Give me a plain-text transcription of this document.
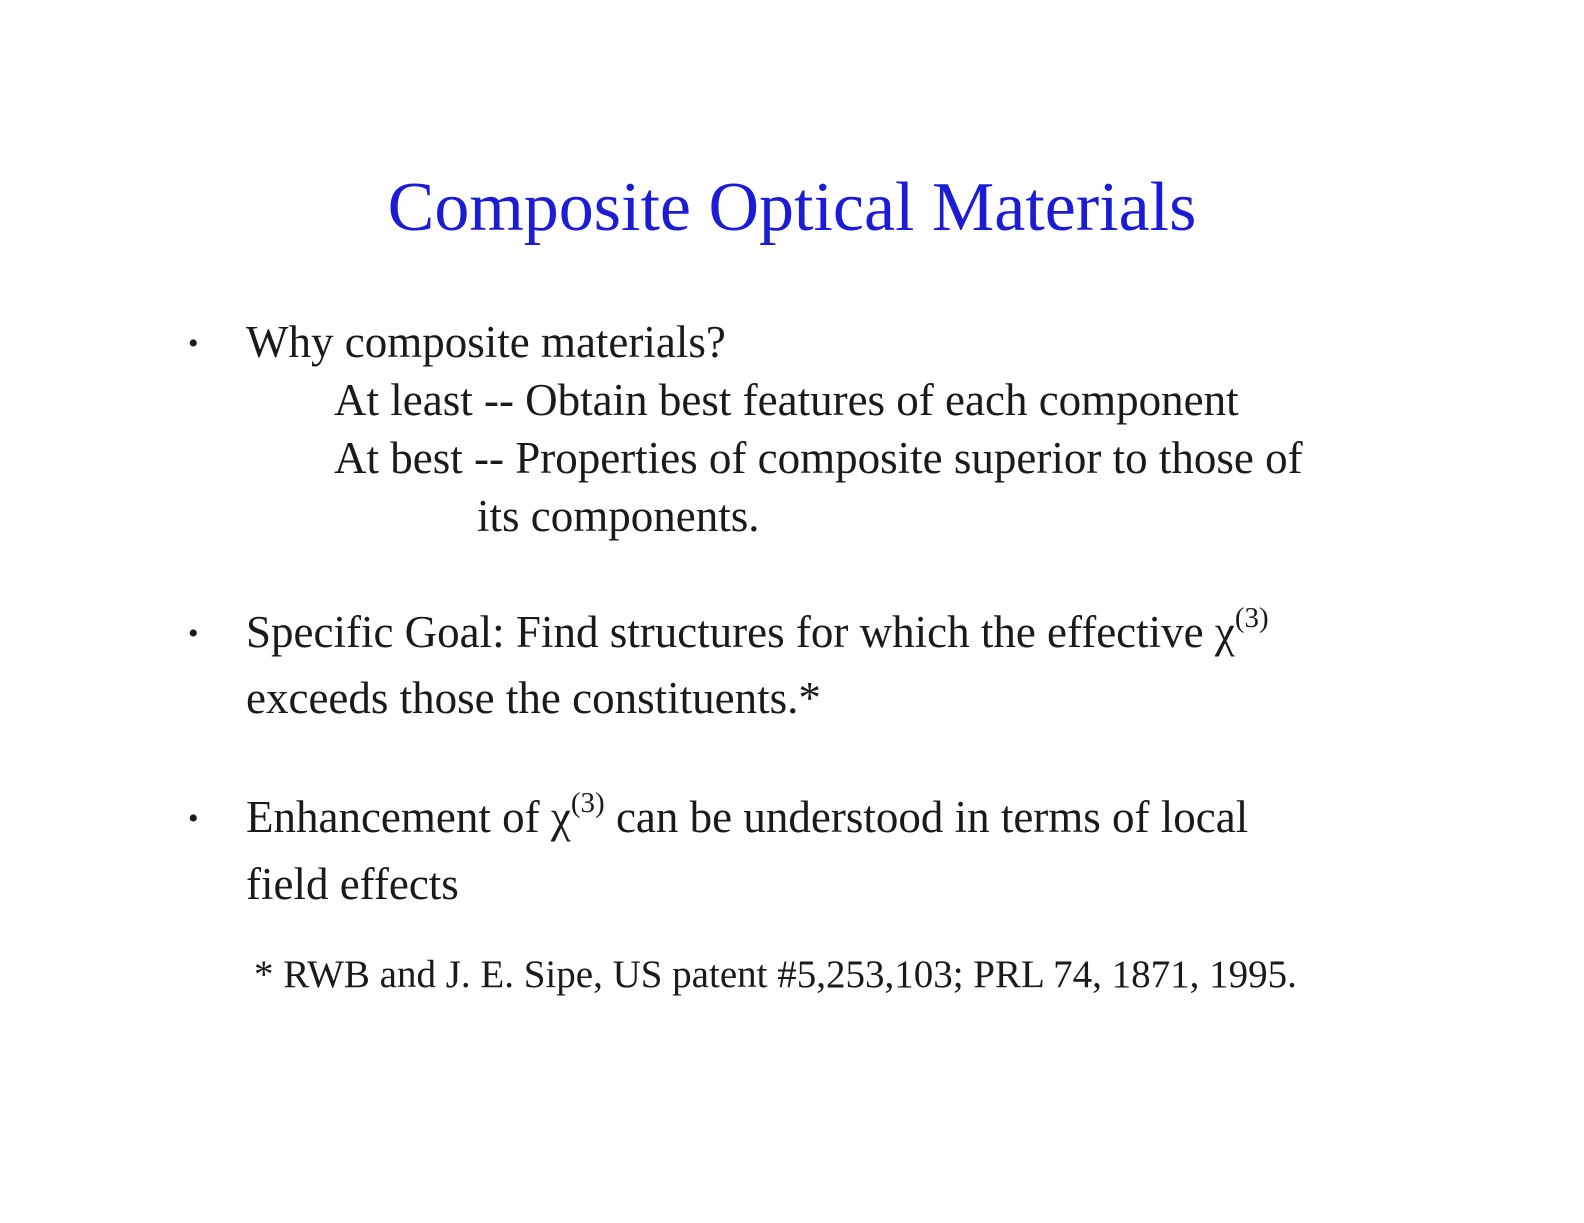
Composite Optical Materials
• Why composite materials?
At least -- Obtain best features of each component
At best -- Properties of composite superior to those of
its components.
• Specific Goal: Find structures for which the effective $\chi^{(3)}$
exceeds those the constituents.*
• Enhancement of $\chi^{(3)}$ can be understood in terms of local
field effects
* RWB and J. E. Sipe, US patent #5,253,103; PRL 74, 1871, 1995.
